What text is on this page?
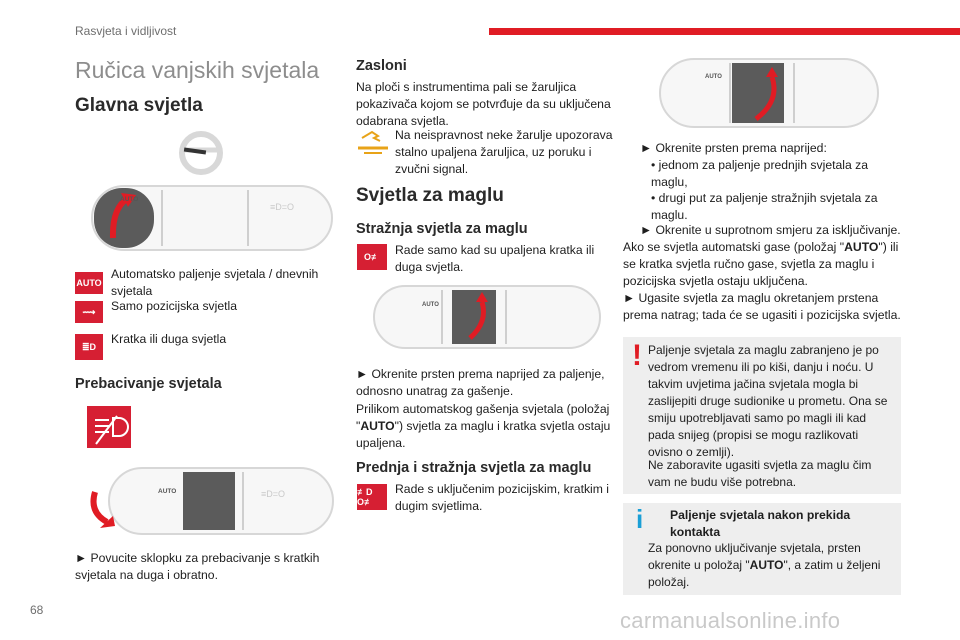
Rasvjeta i vidljivost
Ručica vanjskih svjetala
Glavna svjetla
≡D=O
AUTO
AUTO
Automatsko paljenje svjetala / dnevnih svjetala
⟿	Samo pozicijska svjetla
≣D
Kratka ili duga svjetla
Prebacivanje svjetala
≡D=O
AUTO
► Povucite sklopku za prebacivanje s kratkih svjetala na duga i obratno.
Zasloni
Na ploči s instrumentima pali se žaruljica pokazivača kojom se potvrđuje da su uključena odabrana svjetla.
Na neispravnost neke žarulje upozorava stalno upaljena žaruljica, uz poruku i zvučni signal.
Svjetla za maglu
Stražnja svjetla za maglu
O≢	Rade samo kad su upaljena kratka ili duga svjetla.
AUTO
► Okrenite prsten prema naprijed za paljenje, odnosno unatrag za gašenje.
Prilikom automatskog gašenja svjetala (položaj "AUTO") svjetla za maglu i kratka svjetla ostaju upaljena.
Prednja i stražnja svjetla za maglu
≢D O≢
Rade s uključenim pozicijskim, kratkim i dugim svjetlima.
AUTO
► Okrenite prsten prema naprijed:
• jednom za paljenje prednjih svjetala za maglu,
• drugi put za paljenje stražnjih svjetala za maglu.
► Okrenite u suprotnom smjeru za isključivanje.
Ako se svjetla automatski gase (položaj "AUTO") ili se kratka svjetla ručno gase, svjetla za maglu i pozicijska svjetla ostaju uključena.
► Ugasite svjetla za maglu okretanjem prstena prema natrag; tada će se ugasiti i pozicijska svjetla.
! Paljenje svjetala za maglu zabranjeno je po vedrom vremenu ili po kiši, danju i noću. U takvim uvjetima jačina svjetala mogla bi zaslijepiti druge sudionike u prometu. Ona se smiju upotrebljavati samo po magli ili kad pada snijeg (propisi se mogu razlikovati ovisno o zemlji).
Ne zaboravite ugasiti svjetla za maglu čim vam ne budu više potrebna.
i Paljenje svjetala nakon prekida kontakta
Za ponovno uključivanje svjetala, prsten okrenite u položaj "AUTO", a zatim u željeni položaj.
68	carmanualsonline.info
